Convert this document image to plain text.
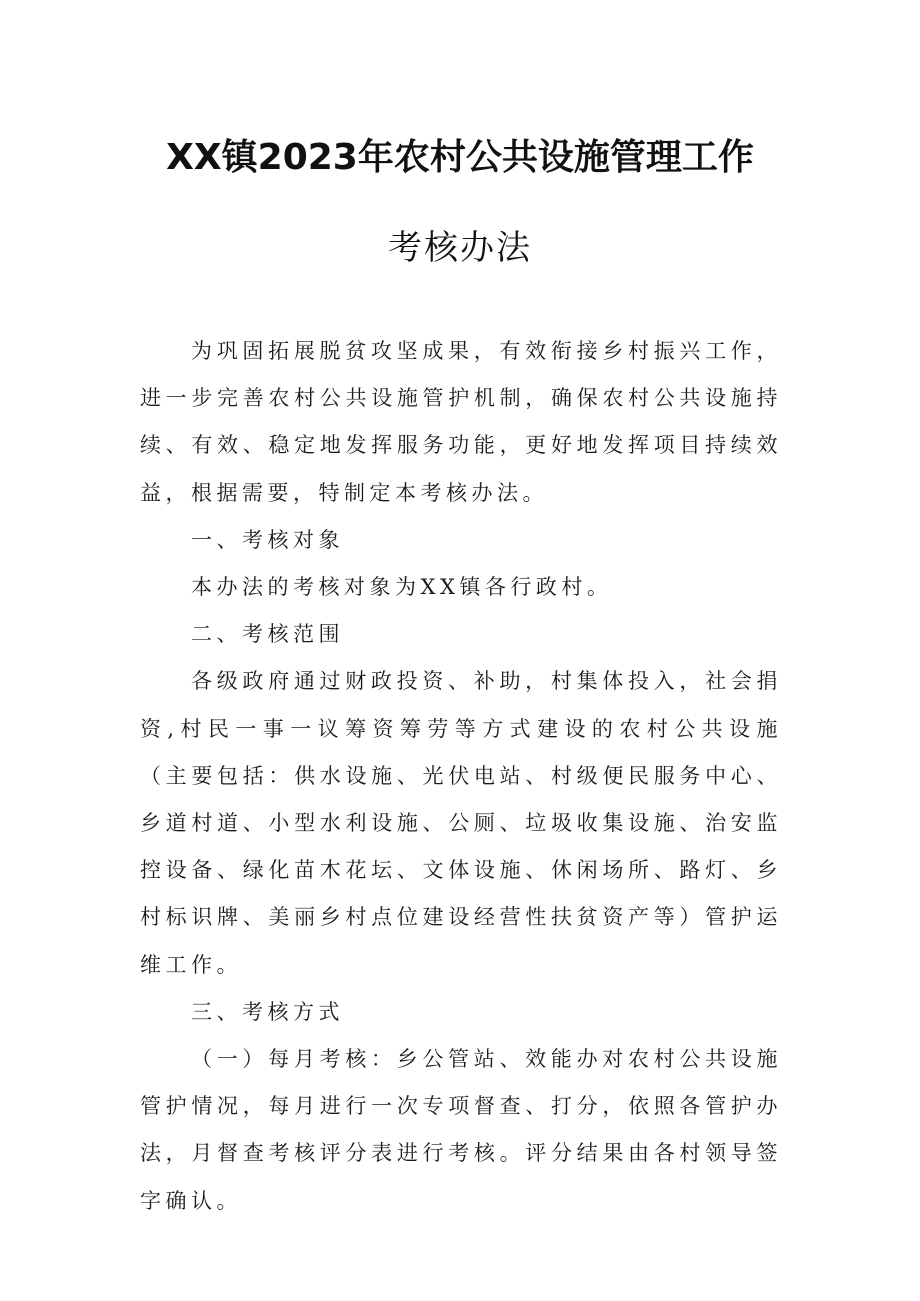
XX镇2023年农村公共设施管理工作
考核办法

为巩固拓展脱贫攻坚成果，有效衔接乡村振兴工作，进一步完善农村公共设施管护机制，确保农村公共设施持续、有效、稳定地发挥服务功能，更好地发挥项目持续效益，根据需要，特制定本考核办法。

一、考核对象

本办法的考核对象为XX镇各行政村。

二、考核范围

各级政府通过财政投资、补助，村集体投入，社会捐资,村民一事一议筹资筹劳等方式建设的农村公共设施（主要包括：供水设施、光伏电站、村级便民服务中心、乡道村道、小型水利设施、公厕、垃圾收集设施、治安监控设备、绿化苗木花坛、文体设施、休闲场所、路灯、乡村标识牌、美丽乡村点位建设经营性扶贫资产等）管护运维工作。

三、考核方式

（一）每月考核：乡公管站、效能办对农村公共设施管护情况，每月进行一次专项督查、打分，依照各管护办法，月督查考核评分表进行考核。评分结果由各村领导签字确认。
